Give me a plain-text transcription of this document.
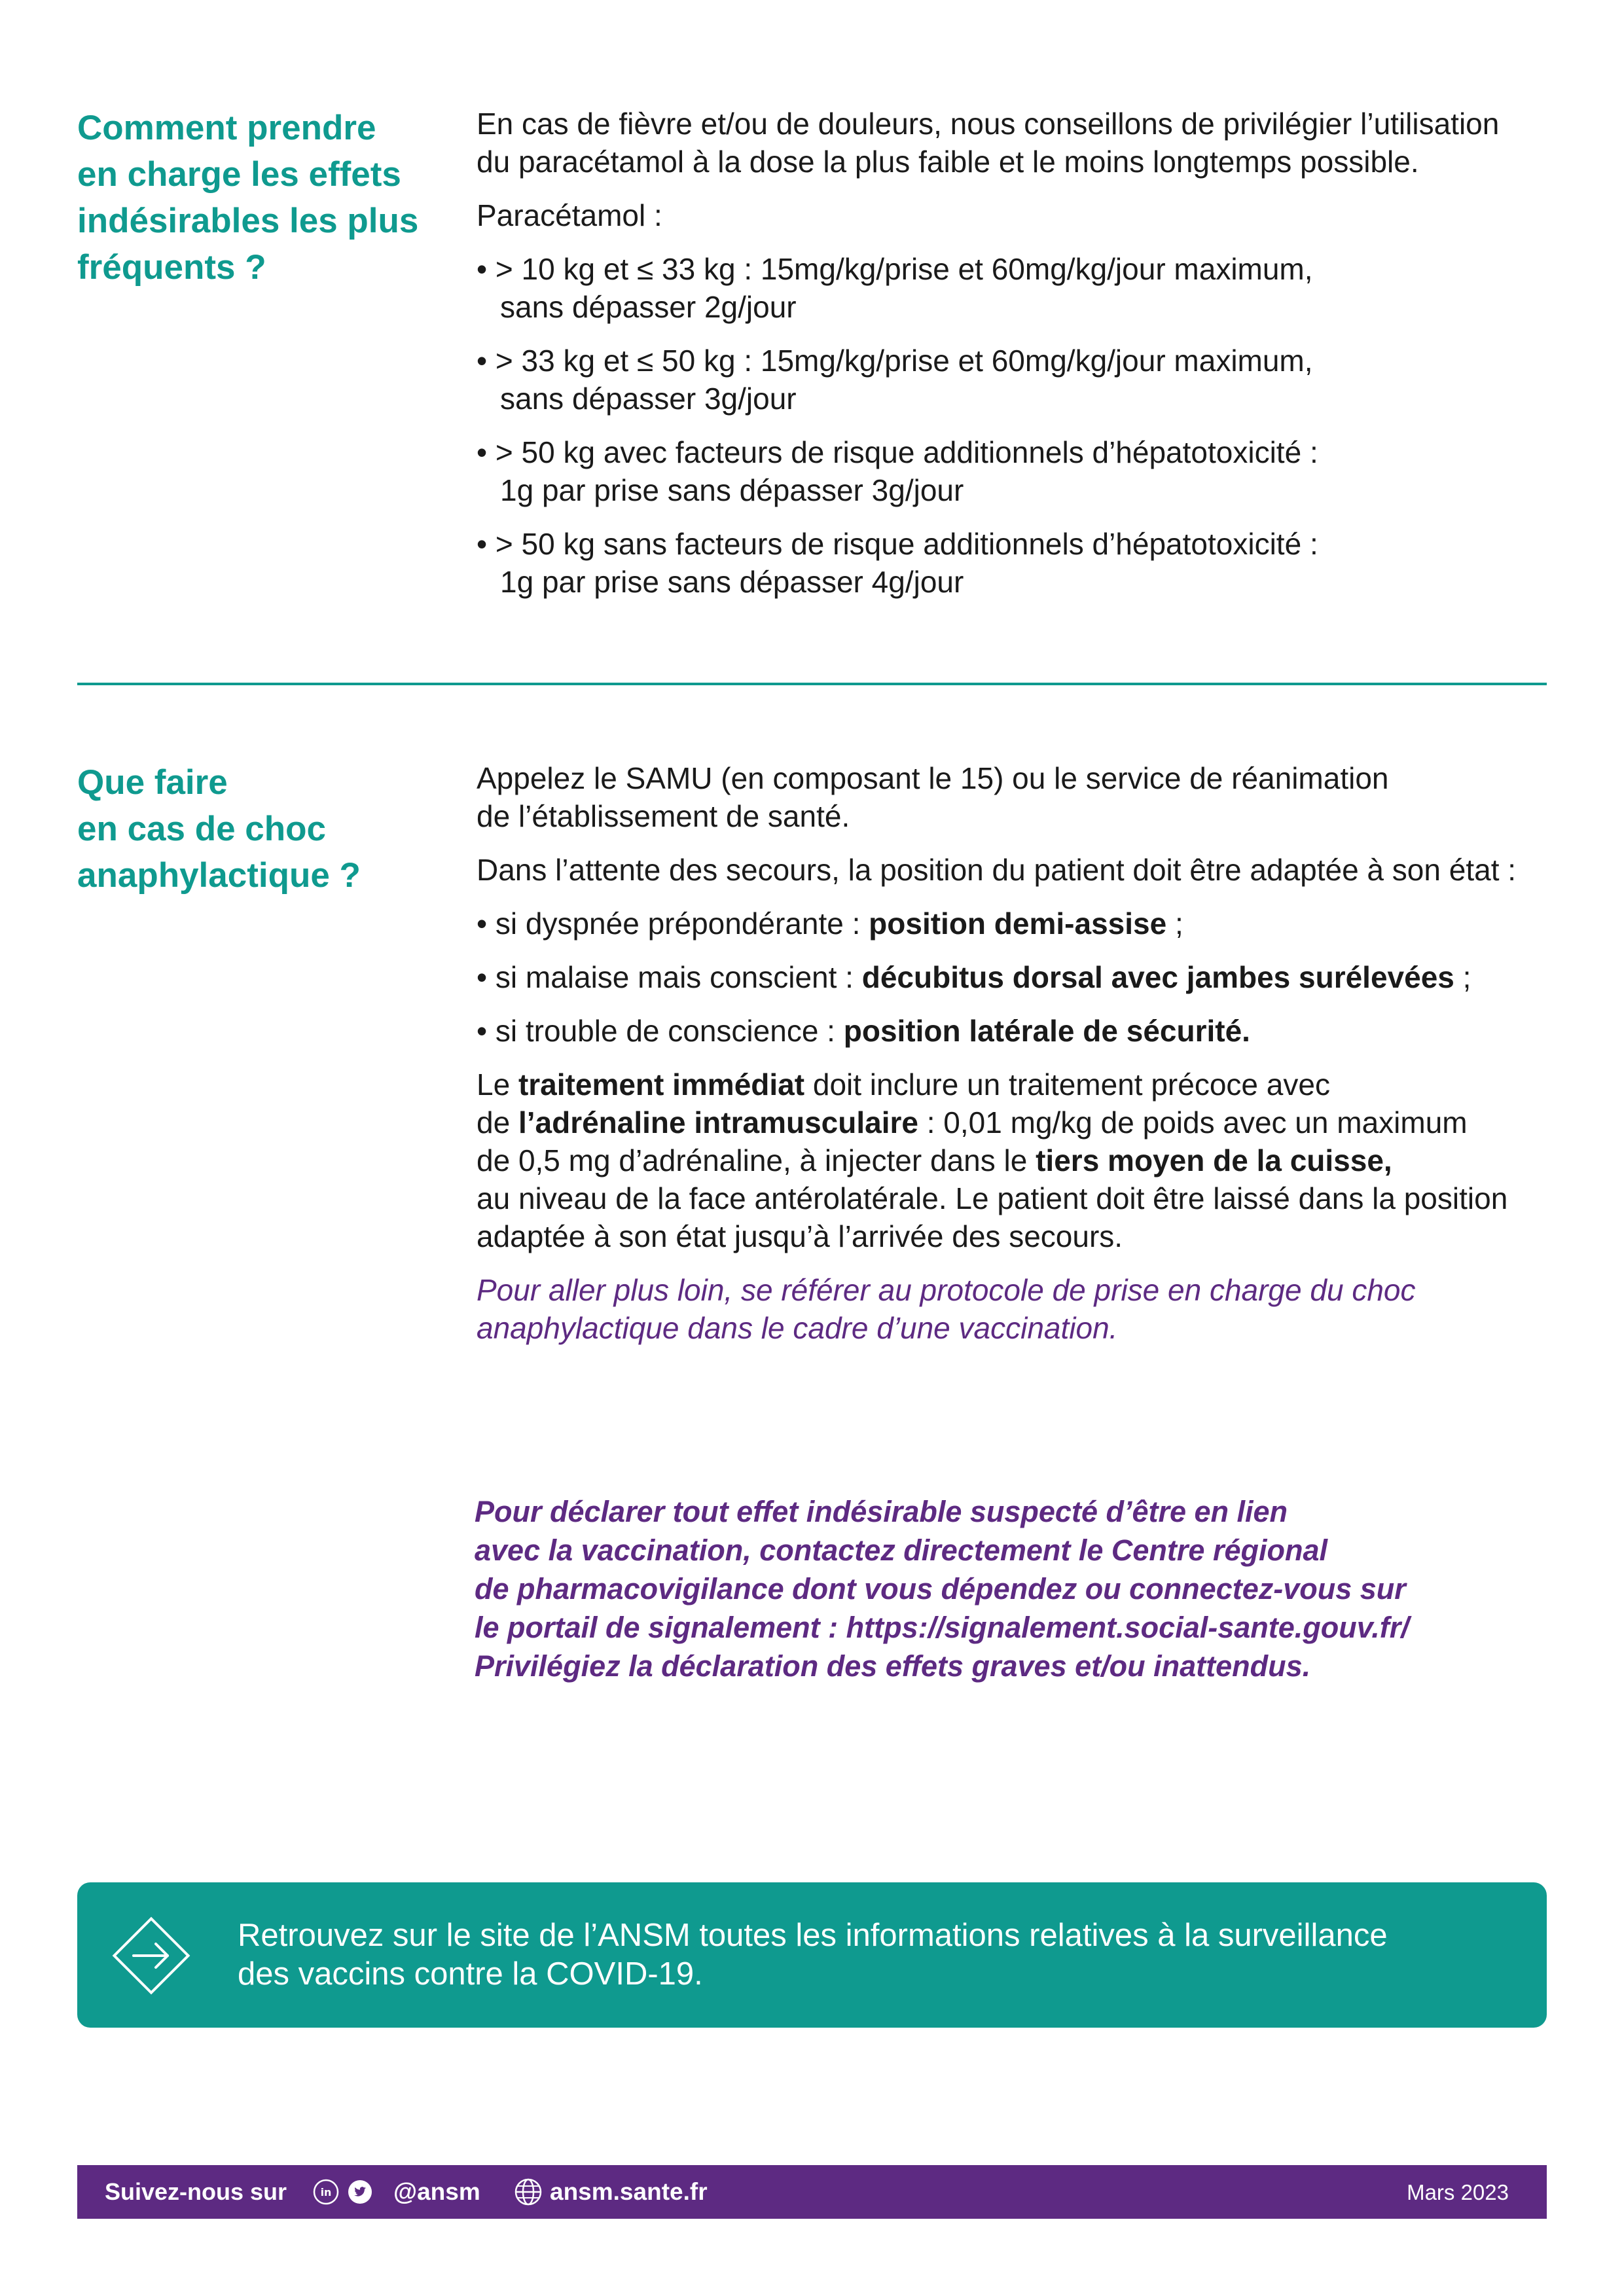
Comment prendre
en charge les effets
indésirables les plus
fréquents ?

En cas de fièvre et/ou de douleurs, nous conseillons de privilégier l’utilisation
du paracétamol à la dose la plus faible et le moins longtemps possible.

Paracétamol :

• > 10 kg et ≤ 33 kg : 15mg/kg/prise et 60mg/kg/jour maximum,
sans dépasser 2g/jour
• > 33 kg et ≤ 50 kg : 15mg/kg/prise et 60mg/kg/jour maximum,
sans dépasser 3g/jour
• > 50 kg avec facteurs de risque additionnels d’hépatotoxicité :
1g par prise sans dépasser 3g/jour
• > 50 kg sans facteurs de risque additionnels d’hépatotoxicité :
1g par prise sans dépasser 4g/jour
Que faire
en cas de choc
anaphylactique ?

Appelez le SAMU (en composant le 15) ou le service de réanimation
de l’établissement de santé.

Dans l’attente des secours, la position du patient doit être adaptée à son état :

• si dyspnée prépondérante : position demi-assise ;

• si malaise mais conscient : décubitus dorsal avec jambes surélevées ;

• si trouble de conscience : position latérale de sécurité.

Le traitement immédiat doit inclure un traitement précoce avec
de l’adrénaline intramusculaire : 0,01 mg/kg de poids avec un maximum
de 0,5 mg d’adrénaline, à injecter dans le tiers moyen de la cuisse,
au niveau de la face antérolatérale. Le patient doit être laissé dans la position
adaptée à son état jusqu’à l’arrivée des secours.

Pour aller plus loin, se référer au protocole de prise en charge du choc
anaphylactique dans le cadre d’une vaccination.

Pour déclarer tout effet indésirable suspecté d’être en lien
avec la vaccination, contactez directement le Centre régional
de pharmacovigilance dont vous dépendez ou connectez-vous sur
le portail de signalement : https://signalement.social-sante.gouv.fr/
Privilégiez la déclaration des effets graves et/ou inattendus.
Retrouvez sur le site de l’ANSM toutes les informations relatives à la surveillance
des vaccins contre la COVID-19.
Suivez-nous sur	in	@ansm	ansm.sante.fr	Mars 2023
